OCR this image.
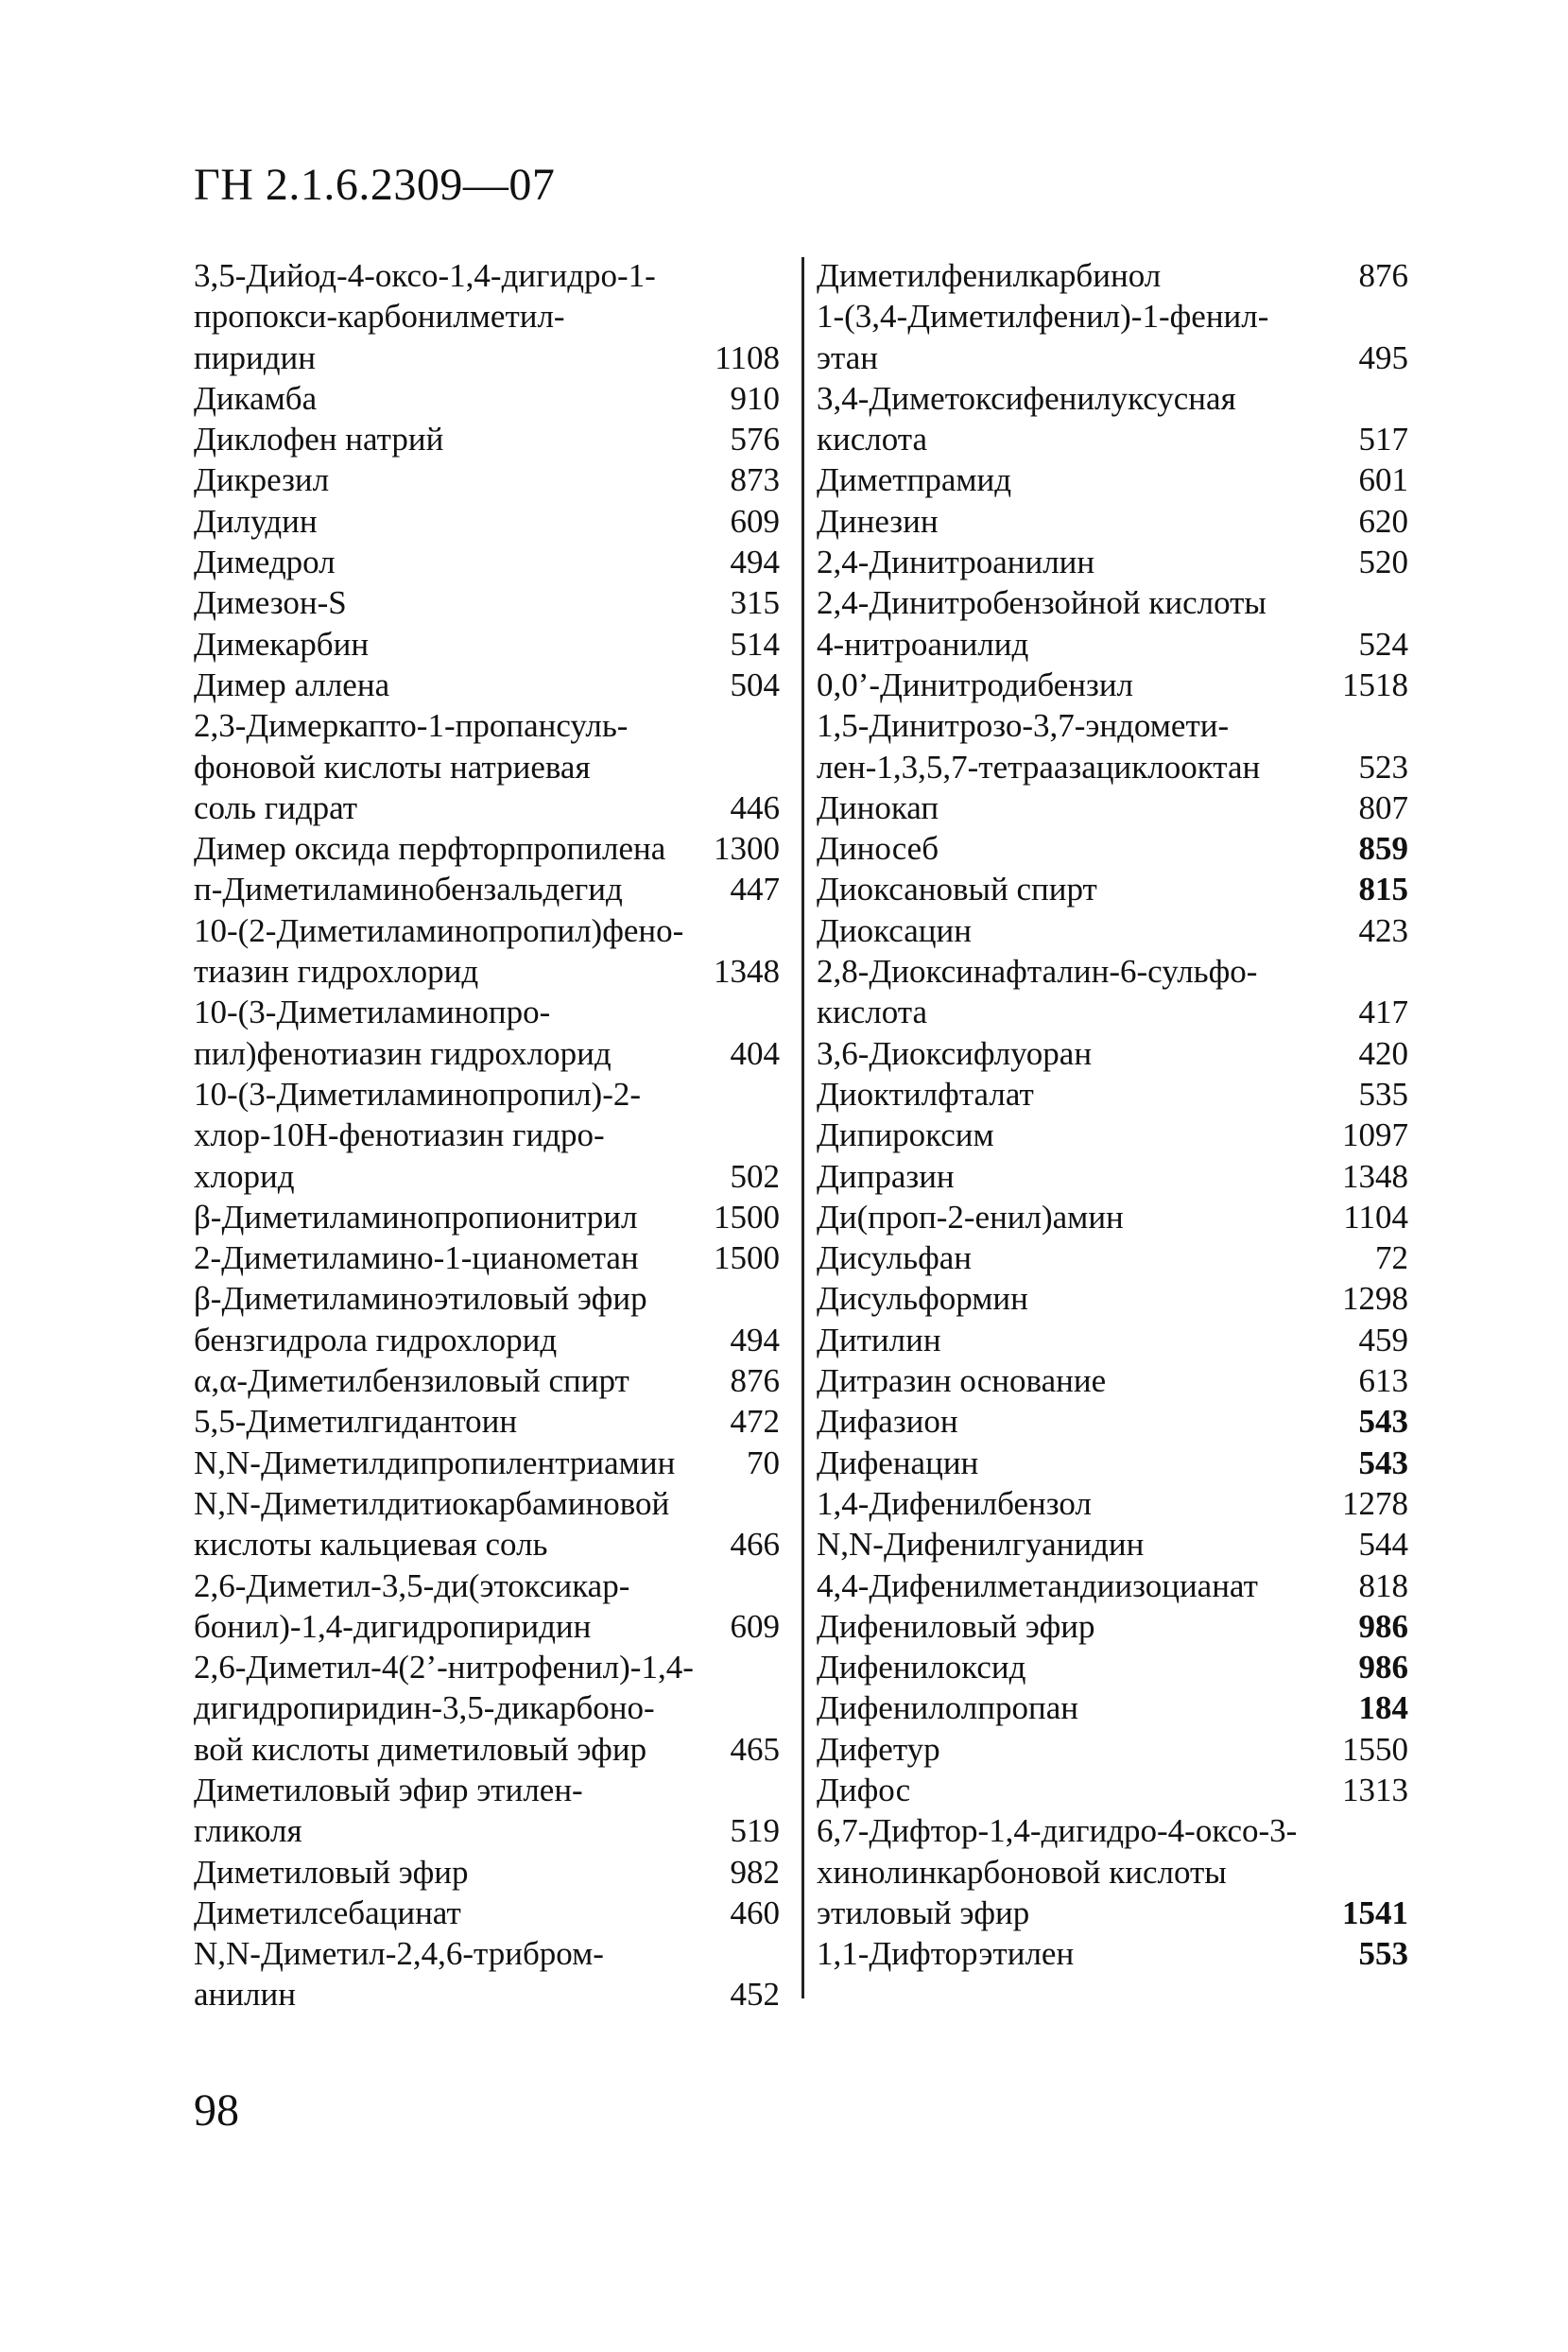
ГН 2.1.6.2309—07
3,5-Дийод-4-оксо-1,4-дигидро-1-
пропокси-карбонилметил-
пиридин	1108
Дикамба	910
Диклофен натрий	576
Дикрезил	873
Дилудин	609
Димедрол	494
Димезон-S	315
Димекарбин	514
Димер аллена	504
2,3-Димеркапто-1-пропансуль-
фоновой кислоты натриевая
соль гидрат	446
Димер оксида перфторпропилена 1300
п-Диметиламинобензальдегид	447
10-(2-Диметиламинопропил)фено-
тиазин гидрохлорид	1348
10-(3-Диметиламинопро-
пил)фенотиазин гидрохлорид	404
10-(3-Диметиламинопропил)-2-
хлор-10Н-фенотиазин гидро-
хлорид	502
β-Диметиламинопропионитрил 1500
2-Диметиламино-1-цианометан 1500
β-Диметиламиноэтиловый эфир
бензгидрола гидрохлорид	494
α,α-Диметилбензиловый спирт	876
5,5-Диметилгидантоин	472
N,N-Диметилдипропилентриамин 70
N,N-Диметилдитиокарбаминовой
кислоты кальциевая соль	466
2,6-Диметил-3,5-ди(этоксикар-
бонил)-1,4-дигидропиридин	609
2,6-Диметил-4(2’-нитрофенил)-1,4-
дигидропиридин-3,5-дикарбоно-
вой кислоты диметиловый эфир	465
Диметиловый эфир этилен-
гликоля	519
Диметиловый эфир	982
Диметилсебацинат	460
N,N-Диметил-2,4,6-трибром-
анилин	452
Диметилфенилкарбинол	876
1-(3,4-Диметилфенил)-1-фенил-
этан	495
3,4-Диметоксифенилуксусная
кислота	517
Диметпрамид	601
Динезин	620
2,4-Динитроанилин	520
2,4-Динитробензойной кислоты
4-нитроанилид	524
0,0’-Динитродибензил	1518
1,5-Динитрозо-3,7-эндомети-
лен-1,3,5,7-тетраазациклооктан	523
Динокап	807
Диносеб	859
Диоксановый спирт	815
Диоксацин	423
2,8-Диоксинафталин-6-сульфо-
кислота	417
3,6-Диоксифлуоран	420
Диоктилфталат	535
Дипироксим	1097
Дипразин	1348
Ди(проп-2-енил)амин	1104
Дисульфан	72
Дисульформин	1298
Дитилин	459
Дитразин основание	613
Дифазион	543
Дифенацин	543
1,4-Дифенилбензол	1278
N,N-Дифенилгуанидин	544
4,4-Дифенилметандиизоцианат	818
Дифениловый эфир	986
Дифенилоксид	986
Дифенилолпропан	184
Дифетур	1550
Дифос	1313
6,7-Дифтор-1,4-дигидро-4-оксо-3-
хинолинкарбоновой кислоты
этиловый эфир	1541
1,1-Дифторэтилен	553
98
